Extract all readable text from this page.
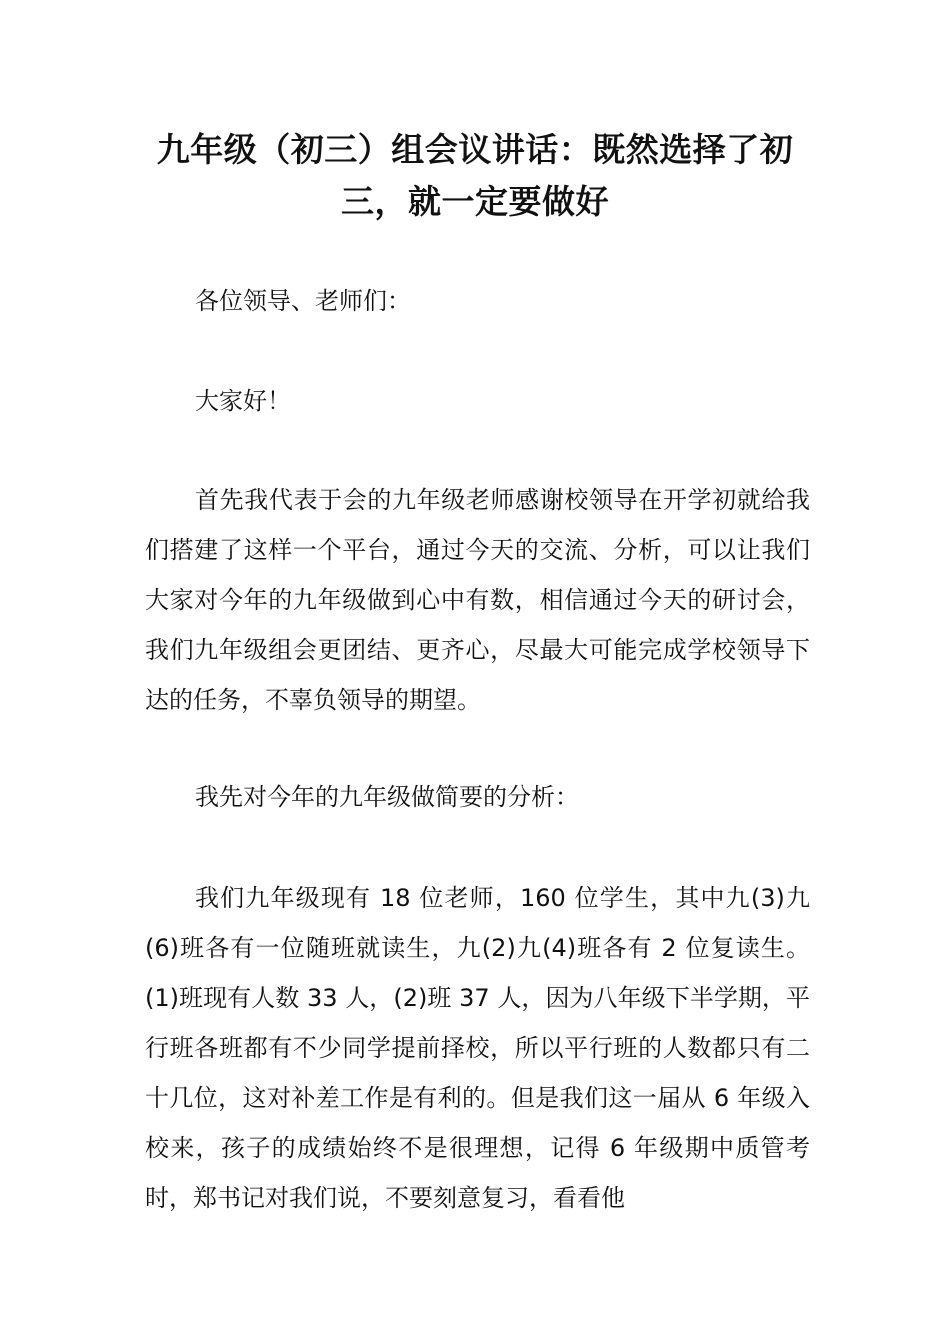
九年级（初三）组会议讲话：既然选择了初三，就一定要做好
各位领导、老师们：
大家好！
首先我代表于会的九年级老师感谢校领导在开学初就给我们搭建了这样一个平台，通过今天的交流、分析，可以让我们大家对今年的九年级做到心中有数，相信通过今天的研讨会，我们九年级组会更团结、更齐心，尽最大可能完成学校领导下达的任务，不辜负领导的期望。
我先对今年的九年级做简要的分析：
我们九年级现有 18 位老师，160 位学生，其中九(3)九(6)班各有一位随班就读生，九(2)九(4)班各有 2 位复读生。(1)班现有人数 33 人，(2)班 37 人，因为八年级下半学期，平行班各班都有不少同学提前择校，所以平行班的人数都只有二十几位，这对补差工作是有利的。但是我们这一届从 6 年级入校来，孩子的成绩始终不是很理想，记得 6 年级期中质管考时，郑书记对我们说，不要刻意复习，看看他
